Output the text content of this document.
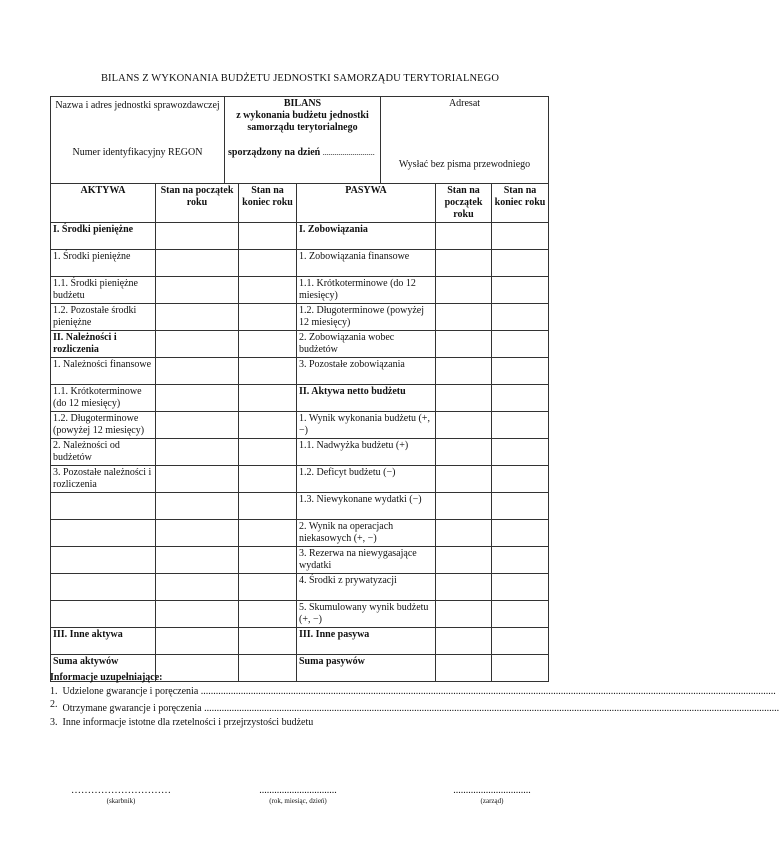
BILANS Z WYKONANIA BUDŻETU JEDNOSTKI SAMORZĄDU TERYTORIALNEGO
Nazwa i adres jednostki sprawozdawczej
Numer identyfikacyjny REGON

BILANS
z wykonania budżetu jednostki
samorządu terytorialnego
sporządzony na dzień ..........................

Adresat
Wysłać bez pisma przewodniego
AKTYWA	Stan na początek roku	Stan na koniec roku	PASYWA	Stan na początek roku	Stan na koniec roku
I. Środki pieniężne			I. Zobowiązania		
1. Środki pieniężne			1. Zobowiązania finansowe		
1.1. Środki pieniężne budżetu			1.1. Krótkoterminowe (do 12 miesięcy)		
1.2. Pozostałe środki pieniężne			1.2. Długoterminowe (powyżej 12 miesięcy)		
II. Należności i rozliczenia			2. Zobowiązania wobec budżetów		
1. Należności finansowe			3. Pozostałe zobowiązania		
1.1. Krótkoterminowe (do 12 miesięcy)			II. Aktywa netto budżetu		
1.2. Długoterminowe (powyżej 12 miesięcy)			1. Wynik wykonania budżetu (+,−)		
2. Należności od budżetów			1.1. Nadwyżka budżetu (+)		
3. Pozostałe należności i rozliczenia			1.2. Deficyt budżetu (−)		
			1.3. Niewykonane wydatki (−)		
			2. Wynik na operacjach niekasowych (+, −)		
			3. Rezerwa na niewygasające wydatki		
			4. Środki z prywatyzacji		
			5. Skumulowany wynik budżetu (+, −)		
III. Inne aktywa			III. Inne pasywa		
Suma aktywów			Suma pasywów		
Informacje uzupełniające:
1. Udzielone gwarancje i poręczenia ......................................................................................................................................................................................................................................
2. Otrzymane gwarancje i poręczenia ......................................................................................................................................................................................................................................
3. Inne informacje istotne dla rzetelności i przejrzystości budżetu
…………………………
(skarbnik)
...............................
(rok, miesiąc, dzień)
...............................
(zarząd)
